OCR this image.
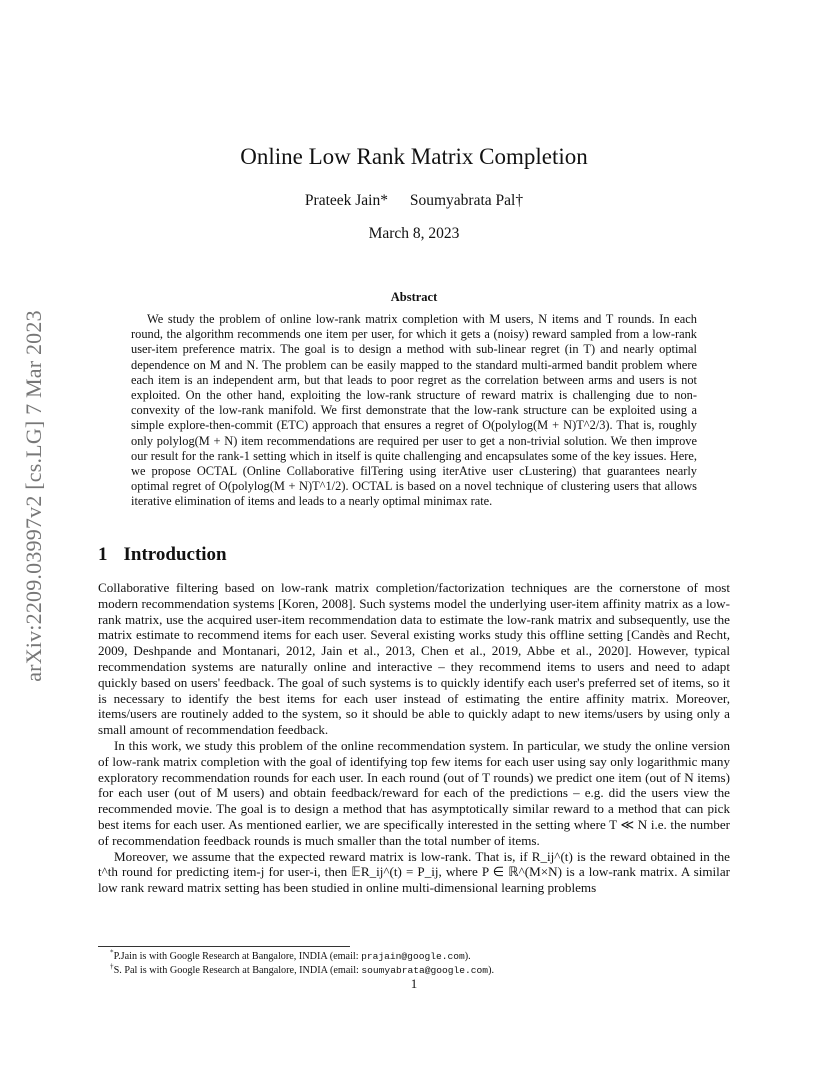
arXiv:2209.03997v2 [cs.LG] 7 Mar 2023
Online Low Rank Matrix Completion
Prateek Jain* Soumyabrata Pal†
March 8, 2023
Abstract

We study the problem of online low-rank matrix completion with M users, N items and T rounds. In each round, the algorithm recommends one item per user, for which it gets a (noisy) reward sampled from a low-rank user-item preference matrix. The goal is to design a method with sub-linear regret (in T) and nearly optimal dependence on M and N. The problem can be easily mapped to the standard multi-armed bandit problem where each item is an independent arm, but that leads to poor regret as the correlation between arms and users is not exploited. On the other hand, exploiting the low-rank structure of reward matrix is challenging due to non-convexity of the low-rank manifold. We first demonstrate that the low-rank structure can be exploited using a simple explore-then-commit (ETC) approach that ensures a regret of O(polylog(M + N)T^2/3). That is, roughly only polylog(M + N) item recommendations are required per user to get a non-trivial solution. We then improve our result for the rank-1 setting which in itself is quite challenging and encapsulates some of the key issues. Here, we propose OCTAL (Online Collaborative filTering using iterAtive user cLustering) that guarantees nearly optimal regret of O(polylog(M + N)T^1/2). OCTAL is based on a novel technique of clustering users that allows iterative elimination of items and leads to a nearly optimal minimax rate.

1 Introduction

Collaborative filtering based on low-rank matrix completion/factorization techniques are the cornerstone of most modern recommendation systems [Koren, 2008]. Such systems model the underlying user-item affinity matrix as a low-rank matrix, use the acquired user-item recommendation data to estimate the low-rank matrix and subsequently, use the matrix estimate to recommend items for each user. Several existing works study this offline setting [Candès and Recht, 2009, Deshpande and Montanari, 2012, Jain et al., 2013, Chen et al., 2019, Abbe et al., 2020]. However, typical recommendation systems are naturally online and interactive – they recommend items to users and need to adapt quickly based on users' feedback. The goal of such systems is to quickly identify each user's preferred set of items, so it is necessary to identify the best items for each user instead of estimating the entire affinity matrix. Moreover, items/users are routinely added to the system, so it should be able to quickly adapt to new items/users by using only a small amount of recommendation feedback.

In this work, we study this problem of the online recommendation system. In particular, we study the online version of low-rank matrix completion with the goal of identifying top few items for each user using say only logarithmic many exploratory recommendation rounds for each user. In each round (out of T rounds) we predict one item (out of N items) for each user (out of M users) and obtain feedback/reward for each of the predictions – e.g. did the users view the recommended movie. The goal is to design a method that has asymptotically similar reward to a method that can pick best items for each user. As mentioned earlier, we are specifically interested in the setting where T ≪ N i.e. the number of recommendation feedback rounds is much smaller than the total number of items.

Moreover, we assume that the expected reward matrix is low-rank. That is, if R_ij^(t) is the reward obtained in the t^th round for predicting item-j for user-i, then 𝔼R_ij^(t) = P_ij, where P ∈ ℝ^(M×N) is a low-rank matrix. A similar low rank reward matrix setting has been studied in online multi-dimensional learning problems

*P.Jain is with Google Research at Bangalore, INDIA (email: prajain@google.com).
†S. Pal is with Google Research at Bangalore, INDIA (email: soumyabrata@google.com).
1
